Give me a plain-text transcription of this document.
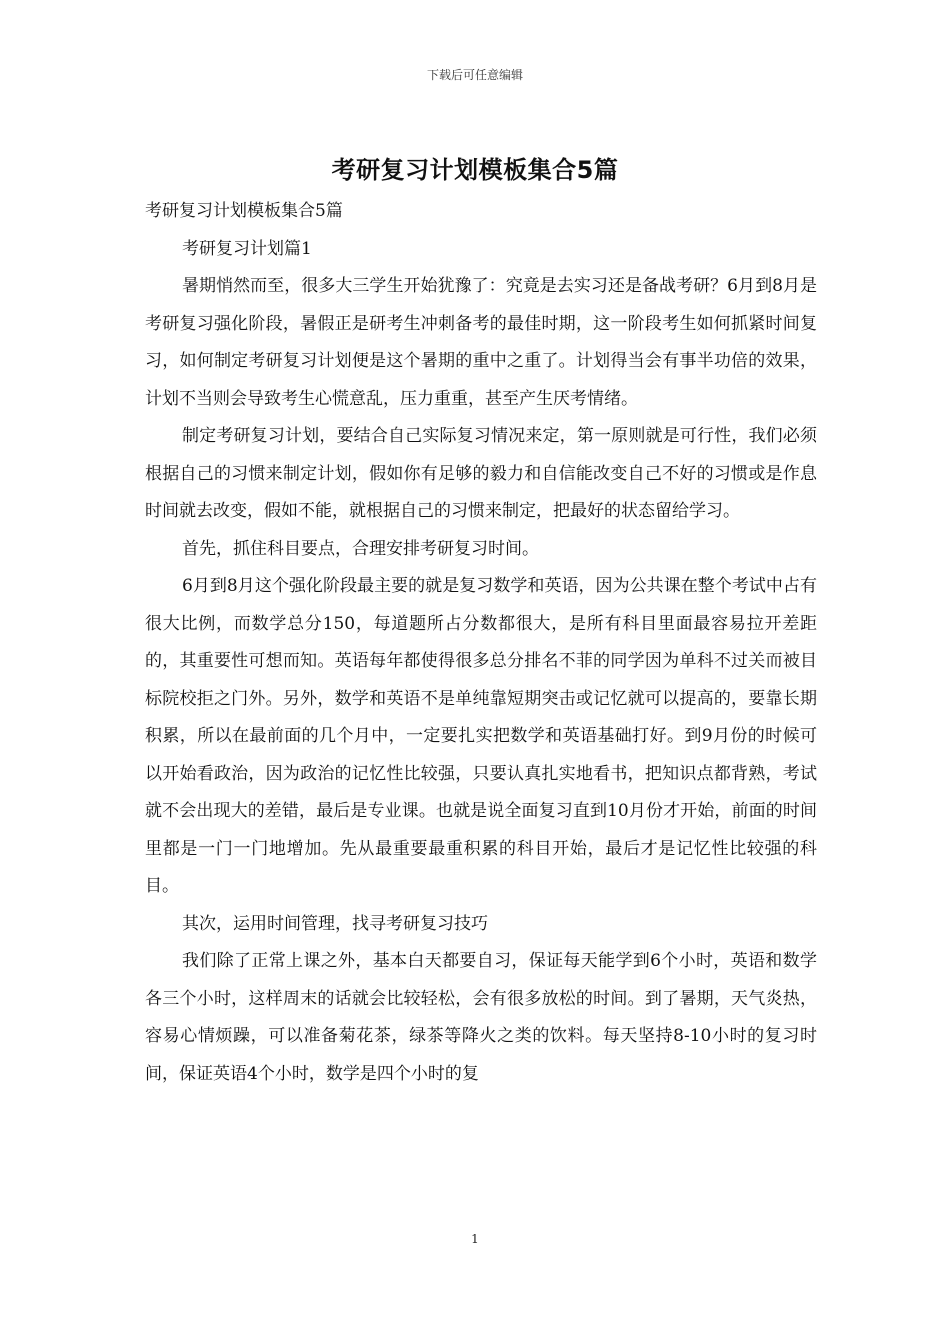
下载后可任意编辑
考研复习计划模板集合5篇

考研复习计划模板集合5篇

考研复习计划篇1

暑期悄然而至，很多大三学生开始犹豫了：究竟是去实习还是备战考研？6月到8月是考研复习强化阶段，暑假正是研考生冲刺备考的最佳时期，这一阶段考生如何抓紧时间复习，如何制定考研复习计划便是这个暑期的重中之重了。计划得当会有事半功倍的效果，计划不当则会导致考生心慌意乱，压力重重，甚至产生厌考情绪。

制定考研复习计划，要结合自己实际复习情况来定，第一原则就是可行性，我们必须根据自己的习惯来制定计划，假如你有足够的毅力和自信能改变自己不好的习惯或是作息时间就去改变，假如不能，就根据自己的习惯来制定，把最好的状态留给学习。

首先，抓住科目要点，合理安排考研复习时间。

6月到8月这个强化阶段最主要的就是复习数学和英语，因为公共课在整个考试中占有很大比例，而数学总分150，每道题所占分数都很大，是所有科目里面最容易拉开差距的，其重要性可想而知。英语每年都使得很多总分排名不菲的同学因为单科不过关而被目标院校拒之门外。另外，数学和英语不是单纯靠短期突击或记忆就可以提高的，要靠长期积累，所以在最前面的几个月中，一定要扎实把数学和英语基础打好。到9月份的时候可以开始看政治，因为政治的记忆性比较强，只要认真扎实地看书，把知识点都背熟，考试就不会出现大的差错，最后是专业课。也就是说全面复习直到10月份才开始，前面的时间里都是一门一门地增加。先从最重要最重积累的科目开始，最后才是记忆性比较强的科目。

其次，运用时间管理，找寻考研复习技巧

我们除了正常上课之外，基本白天都要自习，保证每天能学到6个小时，英语和数学各三个小时，这样周末的话就会比较轻松，会有很多放松的时间。到了暑期，天气炎热，容易心情烦躁，可以准备菊花茶，绿茶等降火之类的饮料。每天坚持8-10小时的复习时间，保证英语4个小时，数学是四个小时的复

1
